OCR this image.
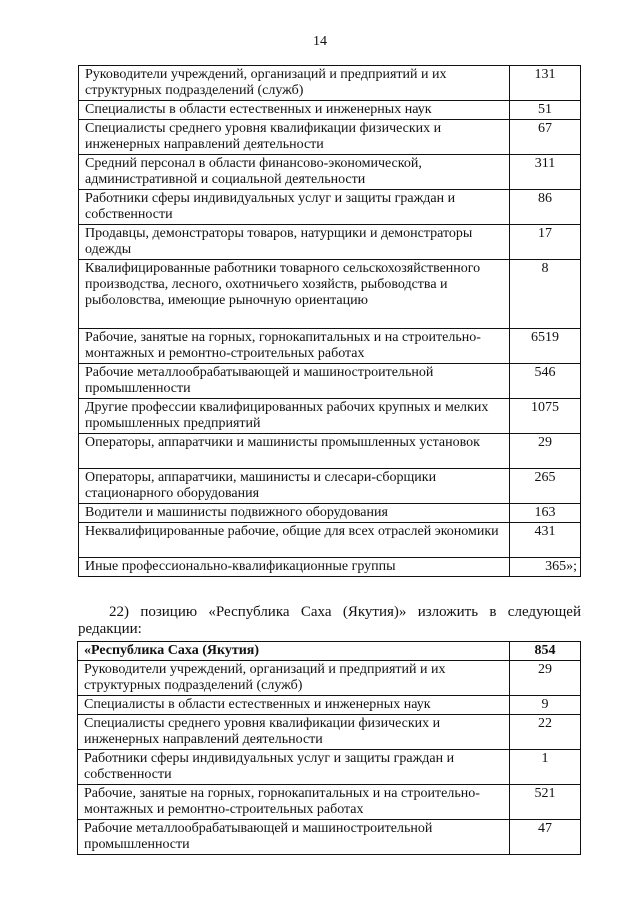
14
Руководители учреждений, организаций и предприятий и их структурных подразделений (служб)	131
Специалисты в области естественных и инженерных наук	51
Специалисты среднего уровня квалификации физических и инженерных направлений деятельности	67
Средний персонал в области финансово-экономической, административной и социальной деятельности	311
Работники сферы индивидуальных услуг и защиты граждан и собственности	86
Продавцы, демонстраторы товаров, натурщики и демонстраторы одежды	17
Квалифицированные работники товарного сельскохозяйственного производства, лесного, охотничьего хозяйств, рыбоводства и рыболовства, имеющие рыночную ориентацию	8
Рабочие, занятые на горных, горнокапитальных и на строительно-монтажных и ремонтно-строительных работах	6519
Рабочие металлообрабатывающей и машиностроительной промышленности	546
Другие профессии квалифицированных рабочих крупных и мелких промышленных предприятий	1075
Операторы, аппаратчики и машинисты промышленных установок	29
Операторы, аппаратчики, машинисты и слесари-сборщики стационарного оборудования	265
Водители и машинисты подвижного оборудования	163
Неквалифицированные рабочие, общие для всех отраслей экономики	431
Иные профессионально-квалификационные группы	365»;

22) позицию «Республика Саха (Якутия)» изложить в следующей редакции:

«Республика Саха (Якутия)	854
Руководители учреждений, организаций и предприятий и их структурных подразделений (служб)	29
Специалисты в области естественных и инженерных наук	9
Специалисты среднего уровня квалификации физических и инженерных направлений деятельности	22
Работники сферы индивидуальных услуг и защиты граждан и собственности	1
Рабочие, занятые на горных, горнокапитальных и на строительно-монтажных и ремонтно-строительных работах	521
Рабочие металлообрабатывающей и машиностроительной промышленности	47
